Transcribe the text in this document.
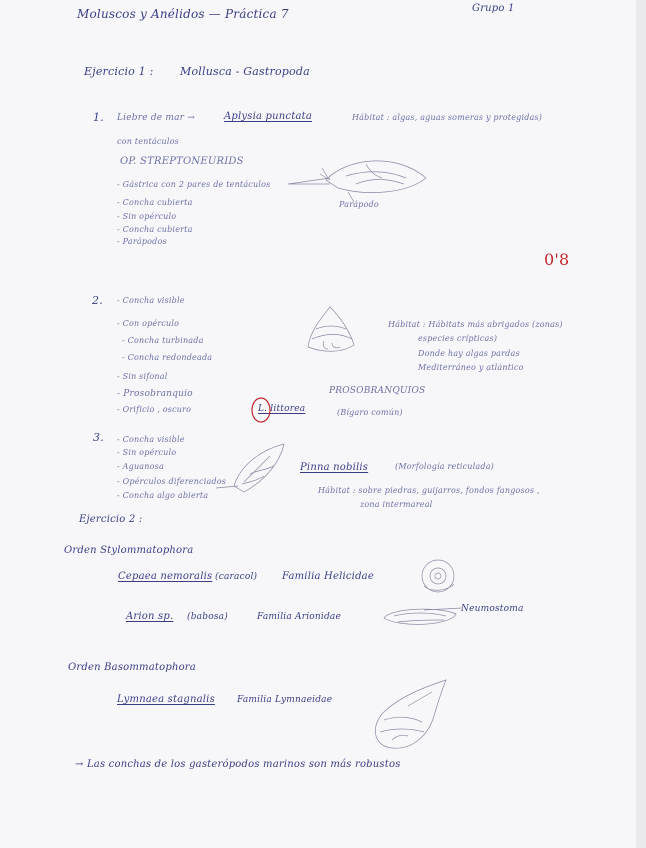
Moluscos y Anélidos — Práctica 7	Grupo 1
Ejercicio 1 : Mollusca - Gastropoda
1. Liebre de mar →	Aplysia punctata	Hábitat : algas, aguas someras y protegidas)
con tentáculos
OP. STREPTONEURIDS
- Gástrica con 2 pares de tentáculos
- Concha cubierta
- Sin opérculo
- Concha cubierta
- Parápodos
Parápodo
0'8
2. - Concha visible
- Con opérculo
- Concha turbinada
- Concha redondeada
- Sin sifonal
- Prosobranquio
- Orificio , oscuro
Hábitat : Hábitats más abrigados (zonas)
especies crípticas)
Donde hay algas pardas
Mediterráneo y atlántico
PROSOBRANQUIOS
(Bígaro común)
L. littorea
3. - Concha visible
- Sin opérculo
- Aguanosa
- Opérculos diferenciados
- Concha algo abierta
Pinna nobilis	(Morfología reticulada)
Hábitat : sobre piedras, guijarros, fondos fangosos ,
zona intermareal
Ejercicio 2 :
Orden Stylommatophora
Cepaea nemoralis (caracol) Familia Helicidae
Arion sp. (babosa)	Familia Arionidae
Neumostoma
Orden Basommatophora
Lymnaea stagnalis Familia Lymnaeidae
→ Las conchas de los gasterópodos marinos son más robustos
